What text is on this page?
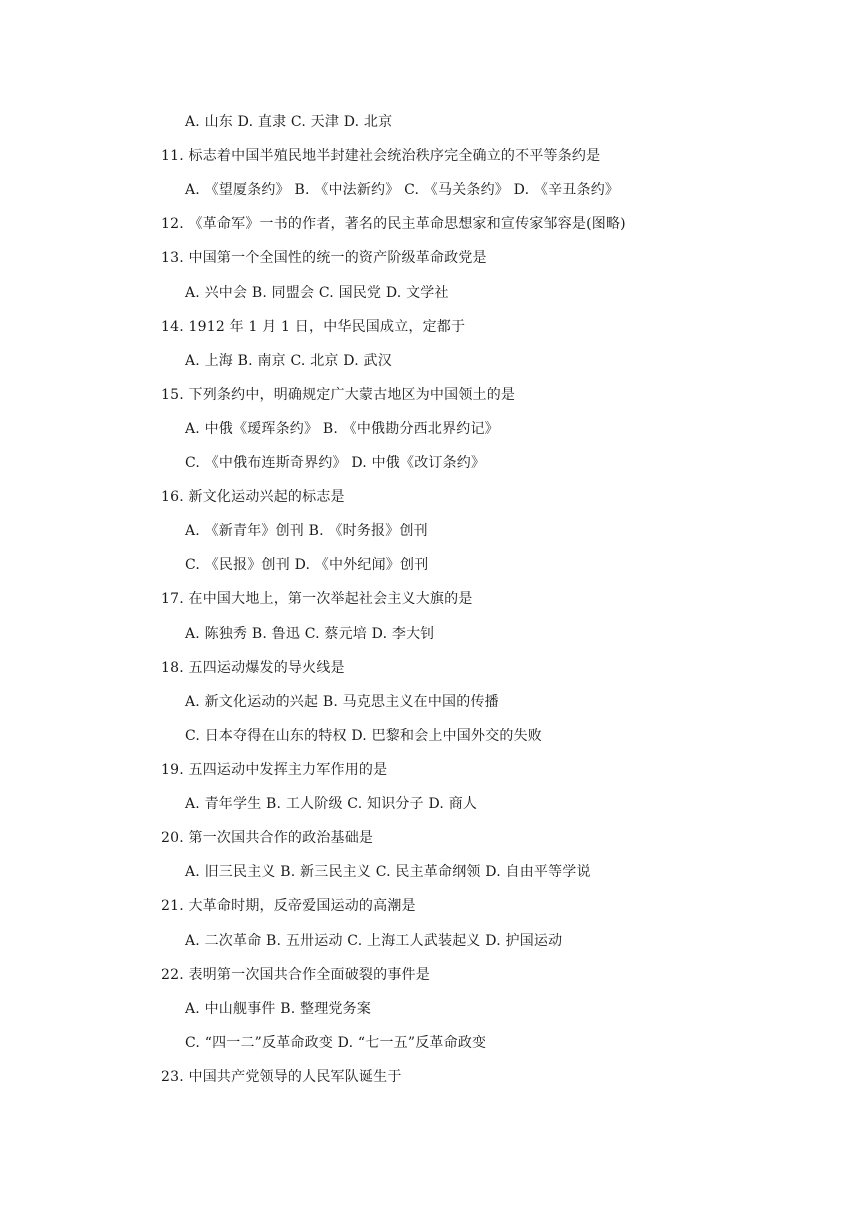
A. 山东 D. 直隶 C. 天津 D. 北京
11. 标志着中国半殖民地半封建社会统治秩序完全确立的不平等条约是
A. 《望厦条约》 B. 《中法新约》 C. 《马关条约》 D. 《辛丑条约》
12. 《革命军》一书的作者，著名的民主革命思想家和宣传家邹容是(图略)
13. 中国第一个全国性的统一的资产阶级革命政党是
A. 兴中会 B. 同盟会 C. 国民党 D. 文学社
14. 1912 年 1 月 1 日，中华民国成立，定都于
A. 上海 B. 南京 C. 北京 D. 武汉
15. 下列条约中，明确规定广大蒙古地区为中国领土的是
A. 中俄《瑷珲条约》 B. 《中俄勘分西北界约记》
C. 《中俄布连斯奇界约》 D. 中俄《改订条约》
16. 新文化运动兴起的标志是
A. 《新青年》创刊 B. 《时务报》创刊
C. 《民报》创刊 D. 《中外纪闻》创刊
17. 在中国大地上，第一次举起社会主义大旗的是
A. 陈独秀 B. 鲁迅 C. 蔡元培 D. 李大钊
18. 五四运动爆发的导火线是
A. 新文化运动的兴起 B. 马克思主义在中国的传播
C. 日本夺得在山东的特权 D. 巴黎和会上中国外交的失败
19. 五四运动中发挥主力军作用的是
A. 青年学生 B. 工人阶级 C. 知识分子 D. 商人
20. 第一次国共合作的政治基础是
A. 旧三民主义 B. 新三民主义 C. 民主革命纲领 D. 自由平等学说
21. 大革命时期，反帝爱国运动的高潮是
A. 二次革命 B. 五卅运动 C. 上海工人武装起义 D. 护国运动
22. 表明第一次国共合作全面破裂的事件是
A. 中山舰事件 B. 整理党务案
C. “四一二”反革命政变 D. “七一五”反革命政变
23. 中国共产党领导的人民军队诞生于
